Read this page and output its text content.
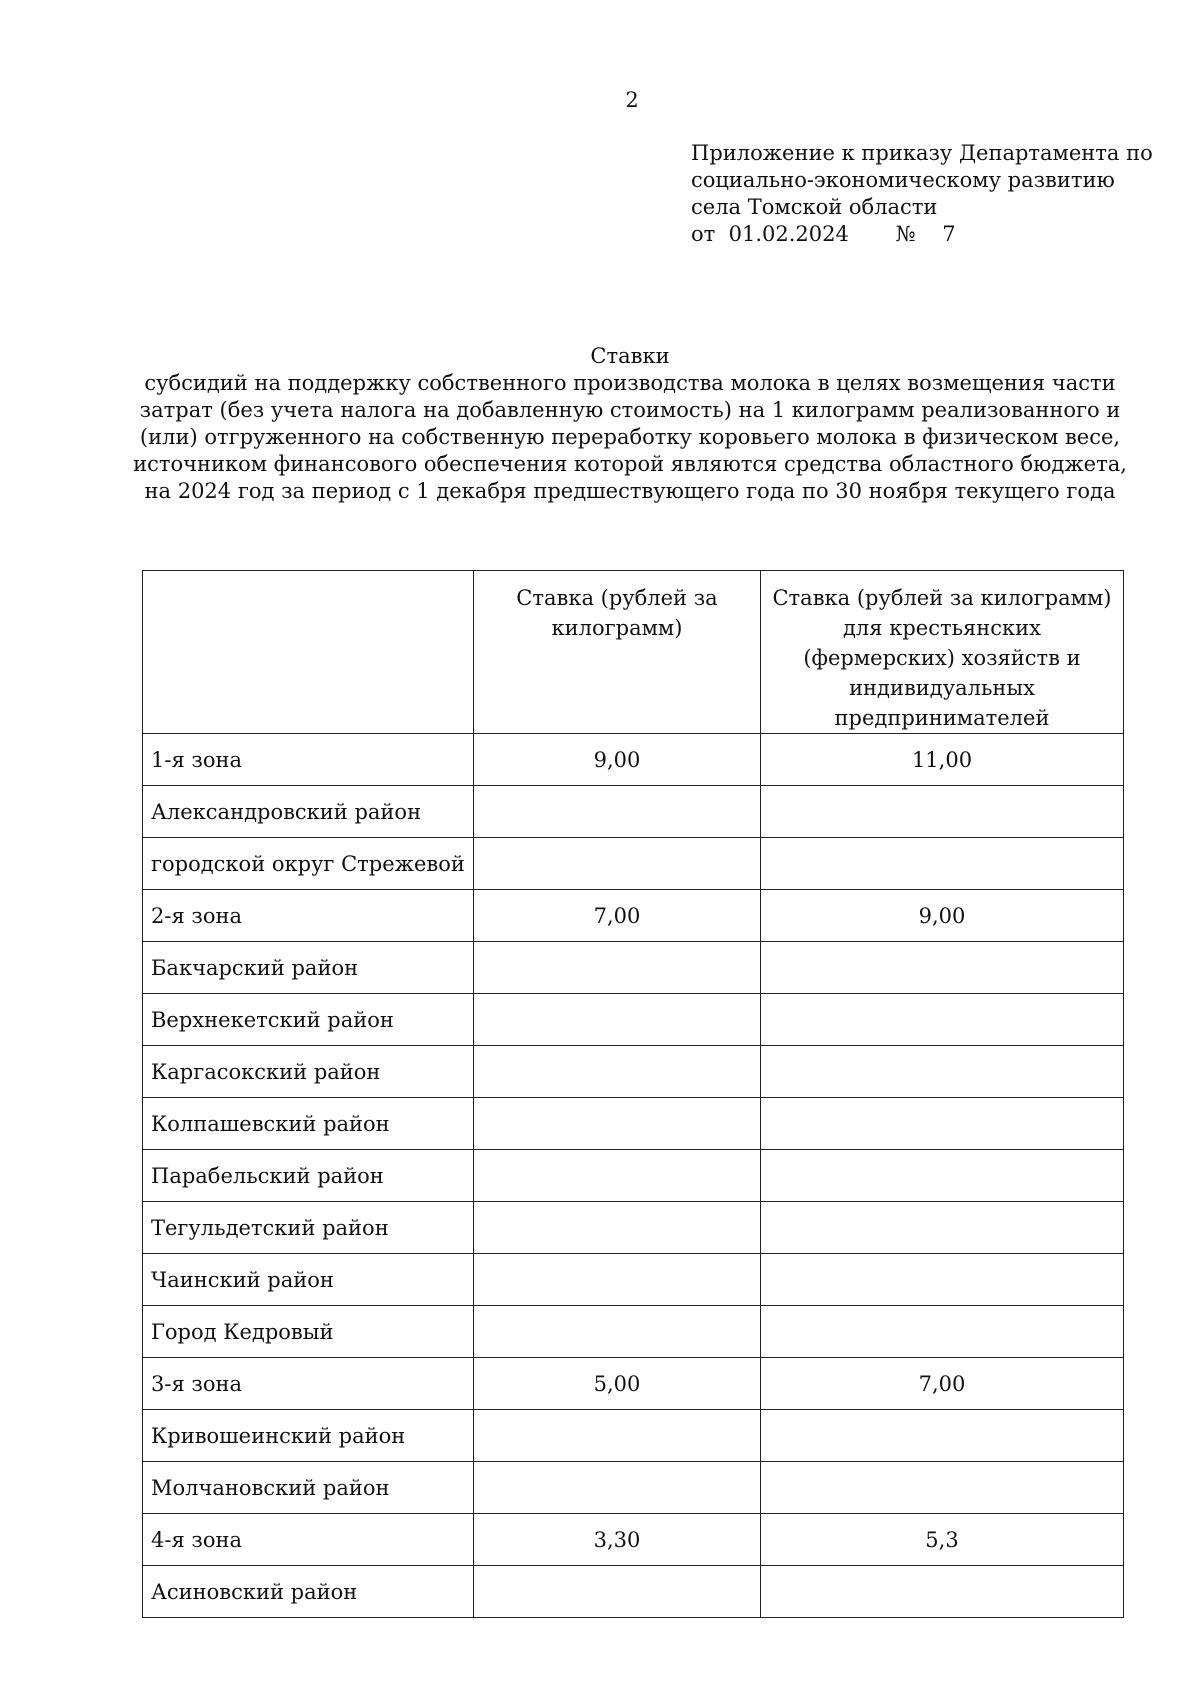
2
Приложение к приказу Департамента по
социально-экономическому развитию
села Томской области
от 01.02.2024 № 7
Ставки
субсидий на поддержку собственного производства молока в целях возмещения части затрат (без учета налога на добавленную стоимость) на 1 килограмм реализованного и (или) отгруженного на собственную переработку коровьего молока в физическом весе, источником финансового обеспечения которой являются средства областного бюджета, на 2024 год за период с 1 декабря предшествующего года по 30 ноября текущего года
	Ставка (рублей за килограмм)	Ставка (рублей за килограмм) для крестьянских (фермерских) хозяйств и индивидуальных предпринимателей
1-я зона	9,00	11,00
Александровский район		
городской округ Стрежевой		
2-я зона	7,00	9,00
Бакчарский район		
Верхнекетский район		
Каргасокский район		
Колпашевский район		
Парабельский район		
Тегульдетский район		
Чаинский район		
Город Кедровый		
3-я зона	5,00	7,00
Кривошеинский район		
Молчановский район		
4-я зона	3,30	5,3
Асиновский район		
